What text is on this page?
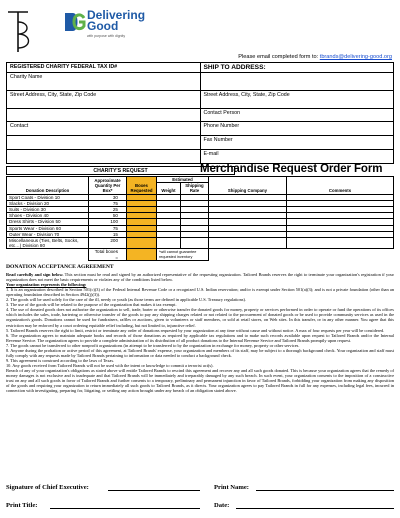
Delivering Good
with purpose with dignity
Please email completed form to: tbrands@delivering-good.org
REGISTERED CHARITY FEDERAL TAX ID#	SHIP TO ADDRESS:
Charity Name	
Street Address, City, State, Zip Code	Street Address, City, State, Zip Code
	Contact Person
Contact	Phone Number
	Fax Number
	E-mail
CHARITY'S REQUEST	Merchandise Request Order Form
Donation Description	Approximate Quantity Per Box*	Boxes Requested	Estimated		Shipping Company	Comments
			Weight	Shipping Rate		
Sport Coats - Division 10	30					
Slacks - Division 20	75					
Suits - Division 30	25					
Shoes - Division 40	50					
Dress Shirts - Division 50	100					
Sports Wear - Division 60	75					
Outer Wear - Division 70	15					
Miscellaneous (Ties, Belts, Socks, etc…) Division 80	200					
	Total boxes =		*will cannot guarantee requested inventory			
DONATION ACCEPTANCE AGREEMENT

Read carefully and sign below. This section must be read and signed by an authorized representative of the requesting organization. Tailored Brands reserves the right to terminate your organization's registration if your organization does not meet the basic requirements or violates any of the conditions listed below.

Your organization represents the following:

1. It is an organization described in Section 501(c)(3) of the Federal Internal Revenue Code or a recognized U.S. Indian reservation; and/or is exempt under Section 501(a)(3); and is not a private foundation (other than an operating foundation described in Section 4942(j)(3)).

2. The goods will be used solely for the care of the ill, needy or youth (as those terms are defined in applicable U.S. Treasury regulations).

3. The use of the goods will be related to the purpose of the organization that makes it tax exempt.

4. The use of donated goods does not authorize the organization to sell, trade, barter or otherwise transfer the donated goods for money, property or services performed in order to operate or fund the operations of its offices which includes the sales, trade, bartering or otherwise transfer of the goods to pay any shipping charges related or not related to the procurement of donated goods or be used to provide community services as used in the organization's goods. Donations cannot be used for fundraisers, raffles or auctions, given to volunteers or staff members, or sold at retail stores, on Web sites. In this transfer, or in any other manner. You agree that this restriction may be enforced by a court ordering equitable relief including, but not limited to, injunctive relief.

5. Tailored Brands reserves the right to limit, restrict or terminate any order of donations requested by your organization at any time without cause and without notice. A max of four requests per year will be considered.

6. The organization agrees to maintain adequate books and records of those donations as required by applicable tax regulations and to make such records available upon request to Tailored Brands and/or the Internal Revenue Service. The organization agrees to provide a complete administration of its distribution of all product donations to the Internal Revenue Service and Tailored Brands promptly upon request.

7. The goods cannot be transferred to other nonprofit organizations (in attempt to be transferred to by the organization in exchange for money, property or other services.

8. Anyone during the probation or active period of this agreement, at Tailored Brands' expense, your organization and members of its staff, may be subject to a thorough background check. Your organization and staff must fully comply with any requests made by Tailored Brands pertaining to information or data needed to conduct a background check.

9. This agreement is construed according to the laws of Texas.

10. Any goods received from Tailored Brands will not be used with the intent or knowledge to commit a terrorist act(s).

Breach of any of your organization's obligations as stated above will entitle Tailored Brands to rescind this agreement and recover any and all such goods donated. This is because your organization agrees that the remedy of money damages is not exclusive and is inadequate and that Tailored Brands will be immediately and irreparably damaged by any such breach. In such event, your organization consents to the imposition of a constructive trust on any and all such goods in favor of Tailored Brands and further consents to a temporary, preliminary and permanent injunction in favor of Tailored Brands, forbidding your organization from making any disposition of the goods and requiring your organization to return immediately all such goods to Tailored Brands, as it directs. Your organization agrees to pay Tailored Brands in full for any expenses, including legal fees, incurred in connection with investigating, preparing for, litigating, or settling any action brought under any breach of an obligation stated above.

Signature of Chief Executive:	Print Name:
Print Title:	Date:
